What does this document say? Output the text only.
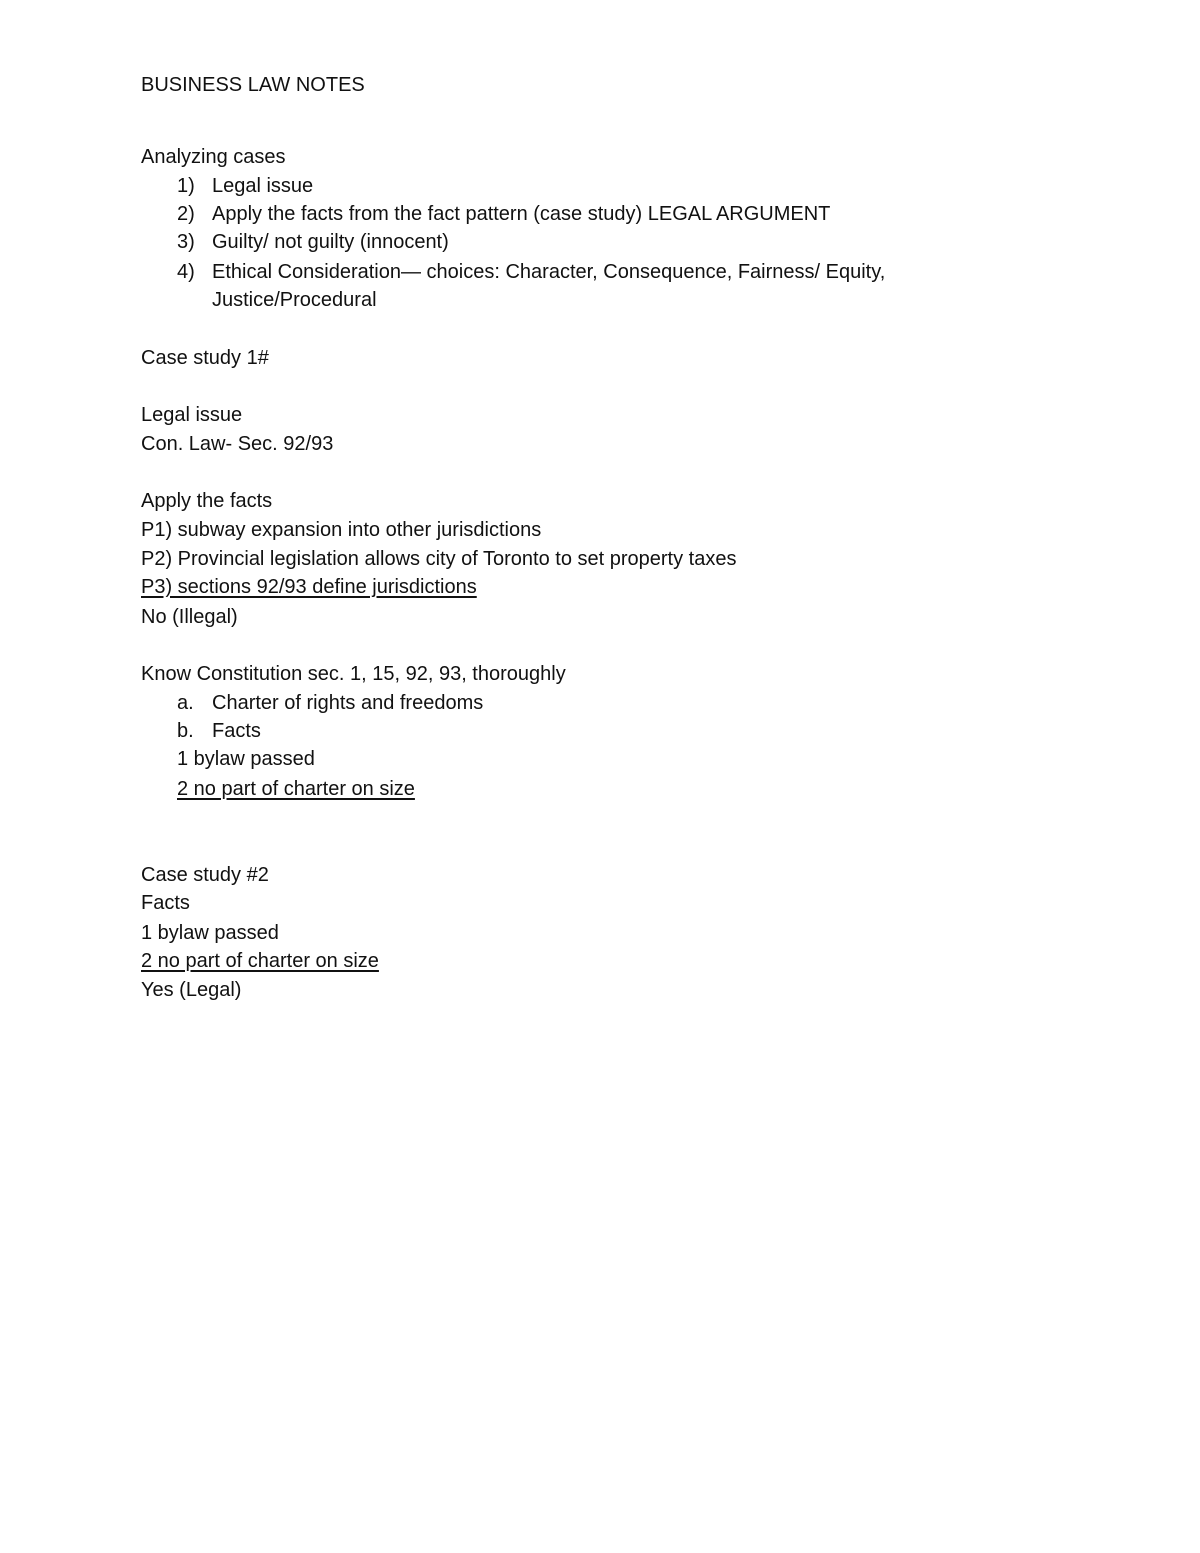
BUSINESS LAW NOTES
Analyzing cases
1) Legal issue
2) Apply the facts from the fact pattern (case study) LEGAL ARGUMENT
3) Guilty/ not guilty (innocent)
4) Ethical Consideration— choices: Character, Consequence, Fairness/ Equity,
Justice/Procedural
Case study 1#
Legal issue
Con. Law- Sec. 92/93
Apply the facts
P1) subway expansion into other jurisdictions
P2) Provincial legislation allows city of Toronto to set property taxes
P3) sections 92/93 define jurisdictions
No (Illegal)
Know Constitution sec. 1, 15, 92, 93, thoroughly
a. Charter of rights and freedoms
b. Facts
1 bylaw passed
2 no part of charter on size
Case study #2
Facts
1 bylaw passed
2 no part of charter on size
Yes (Legal)
